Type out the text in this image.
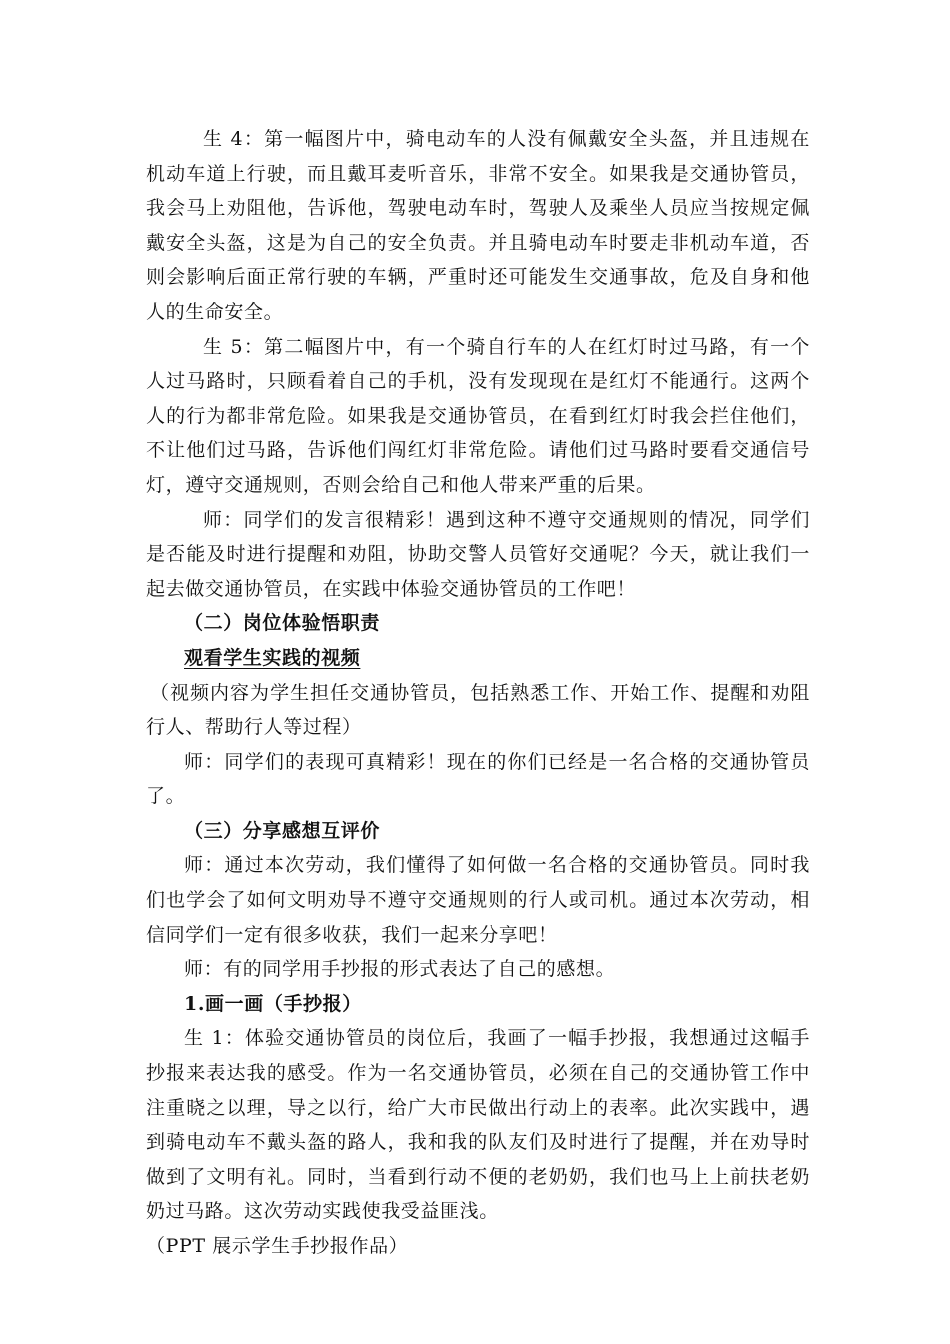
生 4：第一幅图片中，骑电动车的人没有佩戴安全头盔，并且违规在机动车道上行驶，而且戴耳麦听音乐，非常不安全。如果我是交通协管员，我会马上劝阻他，告诉他，驾驶电动车时，驾驶人及乘坐人员应当按规定佩戴安全头盔，这是为自己的安全负责。并且骑电动车时要走非机动车道，否则会影响后面正常行驶的车辆，严重时还可能发生交通事故，危及自身和他人的生命安全。

生 5：第二幅图片中，有一个骑自行车的人在红灯时过马路，有一个人过马路时，只顾看着自己的手机，没有发现现在是红灯不能通行。这两个人的行为都非常危险。如果我是交通协管员，在看到红灯时我会拦住他们，不让他们过马路，告诉他们闯红灯非常危险。请他们过马路时要看交通信号灯，遵守交通规则，否则会给自己和他人带来严重的后果。

师：同学们的发言很精彩！遇到这种不遵守交通规则的情况，同学们是否能及时进行提醒和劝阻，协助交警人员管好交通呢？今天，就让我们一起去做交通协管员，在实践中体验交通协管员的工作吧！

（二）岗位体验悟职责

观看学生实践的视频

（视频内容为学生担任交通协管员，包括熟悉工作、开始工作、提醒和劝阻行人、帮助行人等过程）

师：同学们的表现可真精彩！现在的你们已经是一名合格的交通协管员了。

（三）分享感想互评价

师：通过本次劳动，我们懂得了如何做一名合格的交通协管员。同时我们也学会了如何文明劝导不遵守交通规则的行人或司机。通过本次劳动，相信同学们一定有很多收获，我们一起来分享吧！

师：有的同学用手抄报的形式表达了自己的感想。

1.画一画（手抄报）

生 1：体验交通协管员的岗位后，我画了一幅手抄报，我想通过这幅手抄报来表达我的感受。作为一名交通协管员，必须在自己的交通协管工作中注重晓之以理，导之以行，给广大市民做出行动上的表率。此次实践中，遇到骑电动车不戴头盔的路人，我和我的队友们及时进行了提醒，并在劝导时做到了文明有礼。同时，当看到行动不便的老奶奶，我们也马上上前扶老奶奶过马路。这次劳动实践使我受益匪浅。

（PPT 展示学生手抄报作品）
